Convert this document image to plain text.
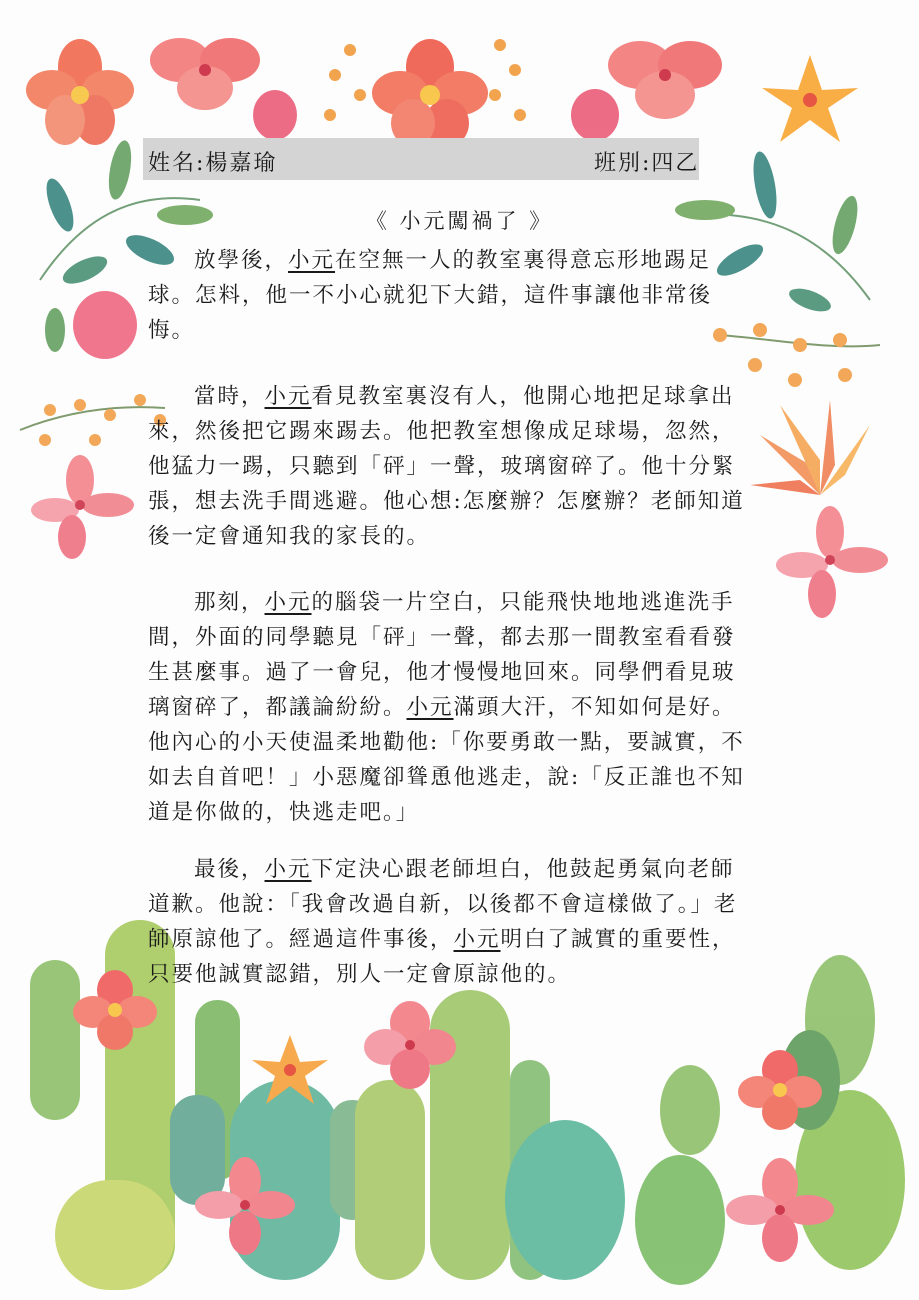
姓名:楊嘉瑜	班別:四乙
《 小元闖禍了 》

放學後，小元在空無一人的教室裏得意忘形地踢足球。怎料，他一不小心就犯下大錯，這件事讓他非常後悔。

當時，小元看見教室裏沒有人，他開心地把足球拿出來，然後把它踢來踢去。他把教室想像成足球場，忽然，他猛力一踢，只聽到「砰」一聲，玻璃窗碎了。他十分緊張，想去洗手間逃避。他心想:怎麼辦？怎麼辦？老師知道後一定會通知我的家長的。

那刻，小元的腦袋一片空白，只能飛快地地逃進洗手間，外面的同學聽見「砰」一聲，都去那一間教室看看發生甚麼事。過了一會兒，他才慢慢地回來。同學們看見玻璃窗碎了，都議論紛紛。小元滿頭大汗，不知如何是好。他內心的小天使温柔地勸他:「你要勇敢一點，要誠實，不如去自首吧！」小惡魔卻聳恿他逃走，說:「反正誰也不知道是你做的，快逃走吧。」

最後，小元下定決心跟老師坦白，他鼓起勇氣向老師道歉。他說：「我會改過自新，以後都不會這樣做了。」老師原諒他了。經過這件事後，小元明白了誠實的重要性，只要他誠實認錯，別人一定會原諒他的。
